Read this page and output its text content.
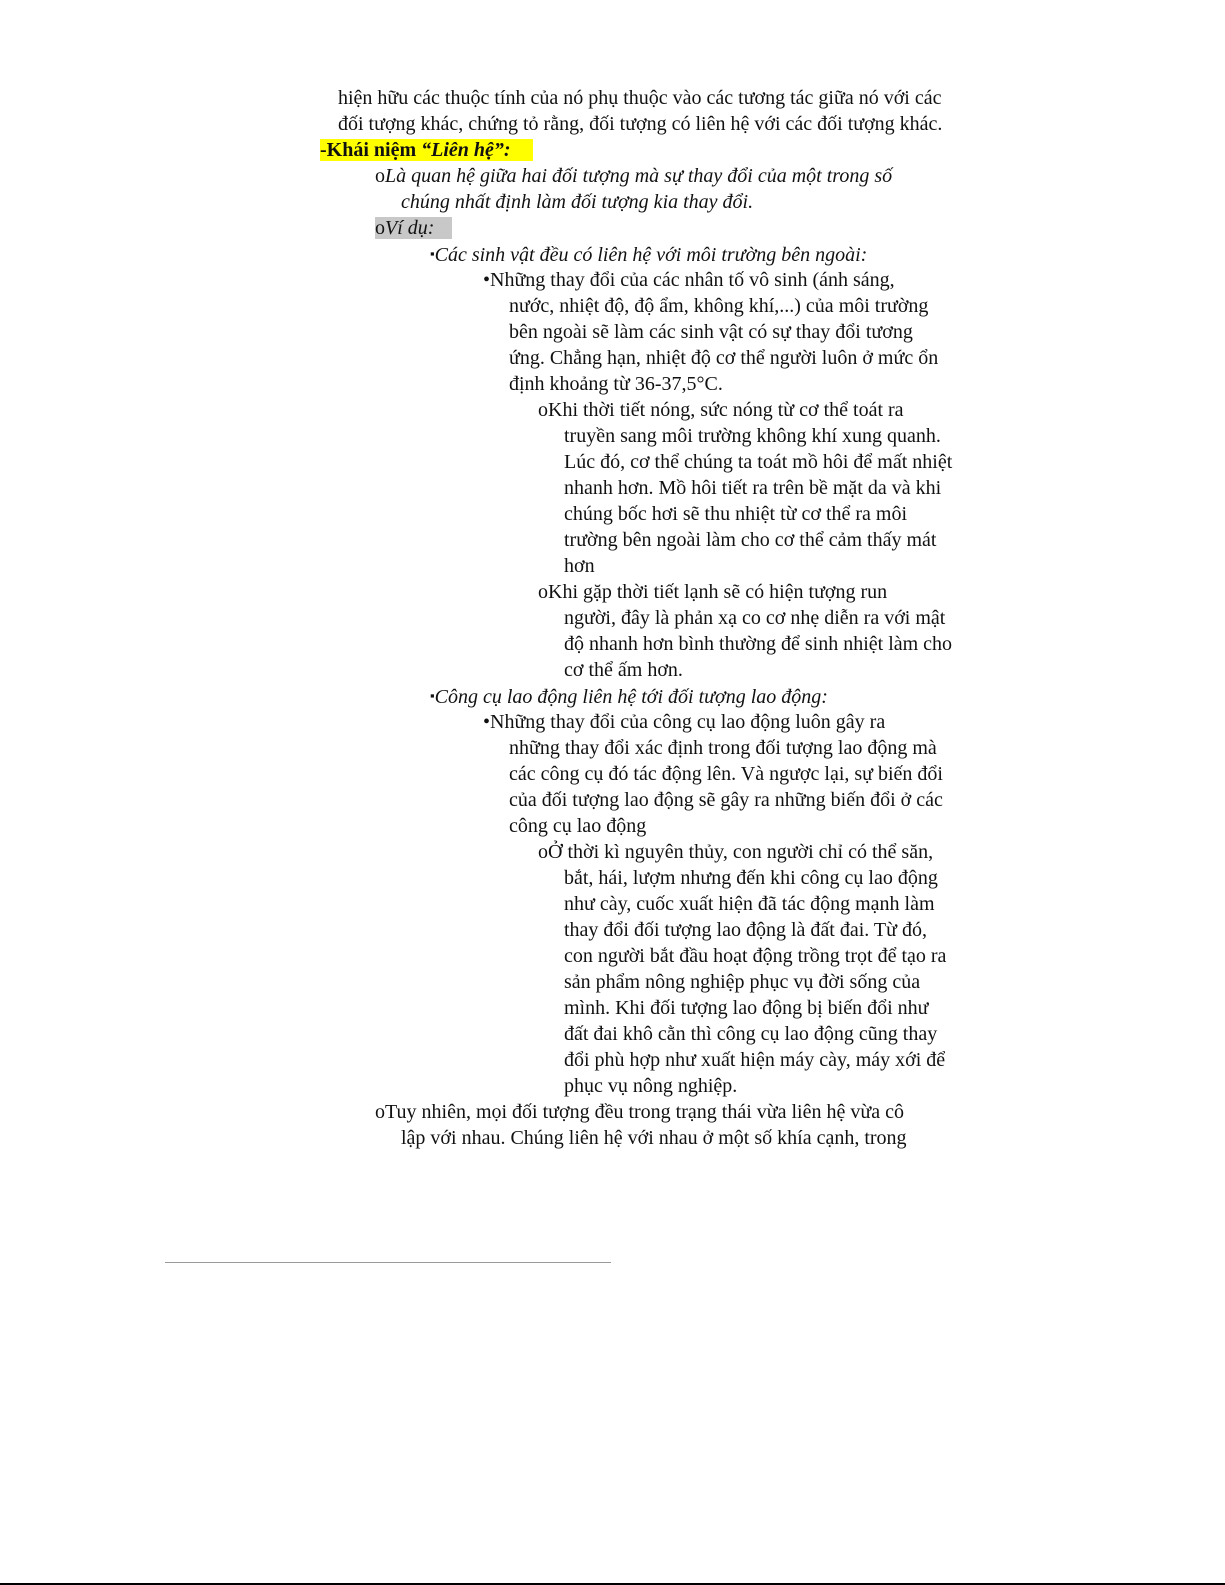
hiện hữu các thuộc tính của nó phụ thuộc vào các tương tác giữa nó với các
đối tượng khác, chứng tỏ rằng, đối tượng có liên hệ với các đối tượng khác.
-Khái niệm “Liên hệ”:
oLà quan hệ giữa hai đối tượng mà sự thay đổi của một trong số
chúng nhất định làm đối tượng kia thay đổi.
oVí dụ:
▪Các sinh vật đều có liên hệ với môi trường bên ngoài:
•Những thay đổi của các nhân tố vô sinh (ánh sáng,
nước, nhiệt độ, độ ẩm, không khí,...) của môi trường
bên ngoài sẽ làm các sinh vật có sự thay đổi tương
ứng. Chẳng hạn, nhiệt độ cơ thể người luôn ở mức ổn
định khoảng từ 36-37,5°C.
oKhi thời tiết nóng, sức nóng từ cơ thể toát ra
truyền sang môi trường không khí xung quanh.
Lúc đó, cơ thể chúng ta toát mồ hôi để mất nhiệt
nhanh hơn. Mồ hôi tiết ra trên bề mặt da và khi
chúng bốc hơi sẽ thu nhiệt từ cơ thể ra môi
trường bên ngoài làm cho cơ thể cảm thấy mát
hơn
oKhi gặp thời tiết lạnh sẽ có hiện tượng run
người, đây là phản xạ co cơ nhẹ diễn ra với mật
độ nhanh hơn bình thường để sinh nhiệt làm cho
cơ thể ấm hơn.
▪Công cụ lao động liên hệ tới đối tượng lao động:
•Những thay đổi của công cụ lao động luôn gây ra
những thay đổi xác định trong đối tượng lao động mà
các công cụ đó tác động lên. Và ngược lại, sự biến đổi
của đối tượng lao động sẽ gây ra những biến đổi ở các
công cụ lao động
oỞ thời kì nguyên thủy, con người chỉ có thể săn,
bắt, hái, lượm nhưng đến khi công cụ lao động
như cày, cuốc xuất hiện đã tác động mạnh làm
thay đổi đối tượng lao động là đất đai. Từ đó,
con người bắt đầu hoạt động trồng trọt để tạo ra
sản phẩm nông nghiệp phục vụ đời sống của
mình. Khi đối tượng lao động bị biến đổi như
đất đai khô cằn thì công cụ lao động cũng thay
đổi phù hợp như xuất hiện máy cày, máy xới để
phục vụ nông nghiệp.
oTuy nhiên, mọi đối tượng đều trong trạng thái vừa liên hệ vừa cô
lập với nhau. Chúng liên hệ với nhau ở một số khía cạnh, trong
